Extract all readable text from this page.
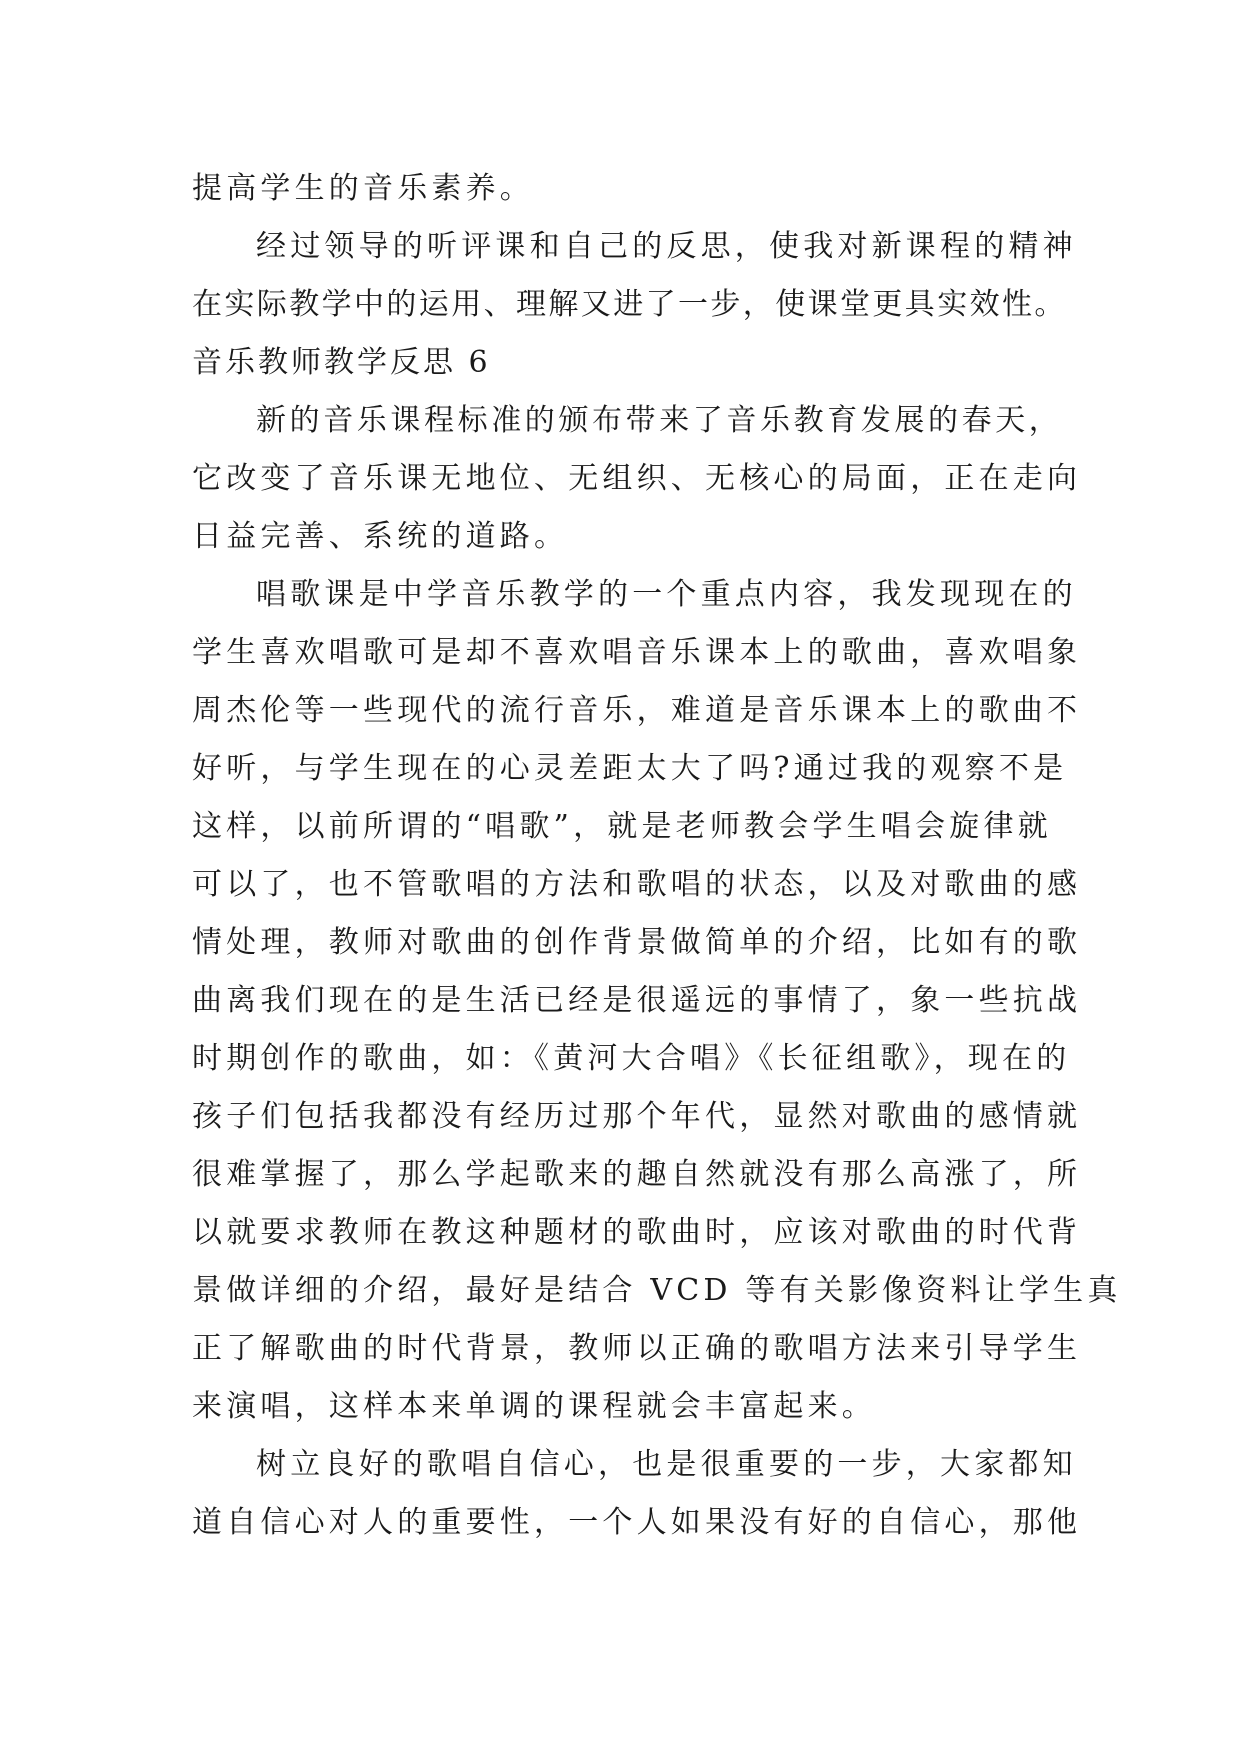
提高学生的音乐素养。
经过领导的听评课和自己的反思，使我对新课程的精神
在实际教学中的运用、理解又进了一步，使课堂更具实效性。
音乐教师教学反思 6
新的音乐课程标准的颁布带来了音乐教育发展的春天，
它改变了音乐课无地位、无组织、无核心的局面，正在走向
日益完善、系统的道路。
唱歌课是中学音乐教学的一个重点内容，我发现现在的
学生喜欢唱歌可是却不喜欢唱音乐课本上的歌曲，喜欢唱象
周杰伦等一些现代的流行音乐，难道是音乐课本上的歌曲不
好听，与学生现在的心灵差距太大了吗?通过我的观察不是
这样，以前所谓的“唱歌”，就是老师教会学生唱会旋律就
可以了，也不管歌唱的方法和歌唱的状态，以及对歌曲的感
情处理，教师对歌曲的创作背景做简单的介绍，比如有的歌
曲离我们现在的是生活已经是很遥远的事情了，象一些抗战
时期创作的歌曲，如：《黄河大合唱》《长征组歌》，现在的
孩子们包括我都没有经历过那个年代，显然对歌曲的感情就
很难掌握了，那么学起歌来的趣自然就没有那么高涨了，所
以就要求教师在教这种题材的歌曲时，应该对歌曲的时代背
景做详细的介绍，最好是结合 VCD 等有关影像资料让学生真
正了解歌曲的时代背景，教师以正确的歌唱方法来引导学生
来演唱，这样本来单调的课程就会丰富起来。
树立良好的歌唱自信心，也是很重要的一步，大家都知
道自信心对人的重要性，一个人如果没有好的自信心，那他
